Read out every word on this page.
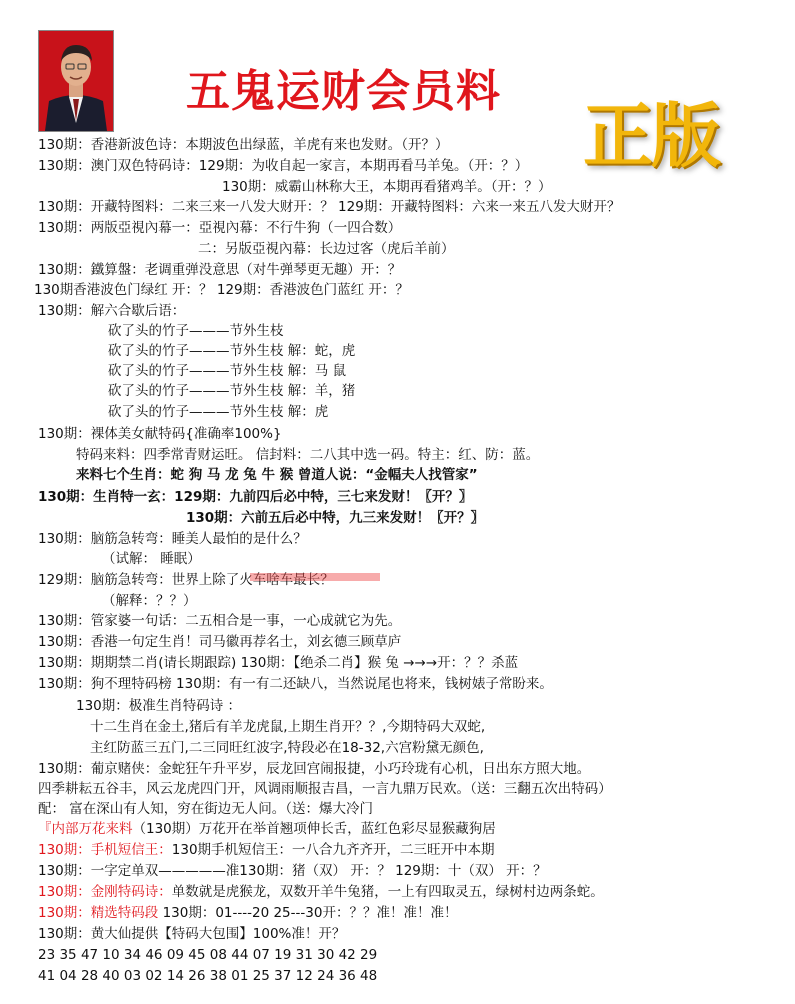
五鬼运财会员料
正版
130期：香港新波色诗：本期波色出绿蓝，羊虎有来也发财。（开？）
130期：澳门双色特码诗：129期：为收自起一家言，本期再看马羊兔。（开：？）
130期：威霸山林称大王，本期再看猪鸡羊。（开：？）
130期：开藏特图料：二来三来一八发大财开：？ 129期：开藏特图料：六来一来五八发大财开？
130期：两版亞視內幕一：亞視內幕：不行牛狗（一四合数）
二：另版亞視內幕：长边过客（虎后羊前）
130期：鐵算盤：老调重弹没意思（对牛弹琴更无趣）开：？
130期香港波色门绿红 开：？ 129期：香港波色门蓝红 开：？
130期：解六合歇后语：
砍了头的竹子———节外生枝
砍了头的竹子———节外生枝 解：蛇，虎
砍了头的竹子———节外生枝 解：马 鼠
砍了头的竹子———节外生枝 解：羊，猪
砍了头的竹子———节外生枝 解：虎
130期：裸体美女献特码{准确率100%}
特码来料：四季常青财运旺。 信封料：二八其中选一码。特主：红、防：蓝。
来料七个生肖：蛇 狗 马 龙 兔 牛 猴 曾道人说：“金幅夫人找管家”
130期：生肖特一玄：129期：九前四后必中特，三七来发财！〖开？〗
130期：六前五后必中特，九三来发财！〖开？〗
130期：脑筋急转弯：睡美人最怕的是什么？
（试解： 睡眠）
129期：脑筋急转弯：世界上除了火车啥车最长？
（解释：？？）
130期：管家婆一句话：二五相合是一事，一心成就它为先。
130期：香港一句定生肖！司马徽再荐名士，刘玄德三顾草庐
130期：期期禁二肖(请长期跟踪) 130期：【绝杀二肖】猴 兔 →→→开：？？杀蓝
130期：狗不理特码榜 130期：有一有二还缺八，当然说尾也将来，钱树婊子常盼来。
130期：极准生肖特码诗 ：
十二生肖在金土,猪后有羊龙虎鼠,上期生肖开？？,今期特码大双蛇,
主红防蓝三五门,二三同旺红波字,特段必在18-32,六宫粉黛无颜色,
130期：葡京赌侠：金蛇狂午升平岁，辰龙回宫闹报捷，小巧玲珑有心机，日出东方照大地。
四季耕耘五谷丰，风云龙虎四门开，风调雨顺报吉昌，一言九鼎万民欢。（送：三翻五次出特码）
配： 富在深山有人知，穷在街边无人问。（送：爆大冷门
『内部万花来料（130期）万花开在举首翘项伸长舌，蓝红色彩尽显猴藏狗居
130期：手机短信王：130期手机短信王：一八合九齐齐开，二三旺开中本期
130期：一字定单双—————准130期：猪（双） 开：？ 129期：十（双） 开：？
130期：金刚特码诗：单数就是虎猴龙，双数开羊牛兔猪，一上有四取灵五，绿树村边两条蛇。
130期：精选特码段 130期：01----20 25---30开：？？准！准！准！
130期：黄大仙提供【特码大包围】100%准！开？
23 35 47 10 34 46 09 45 08 44 07 19 31 30 42 29
41 04 28 40 03 02 14 26 38 01 25 37 12 24 36 48
